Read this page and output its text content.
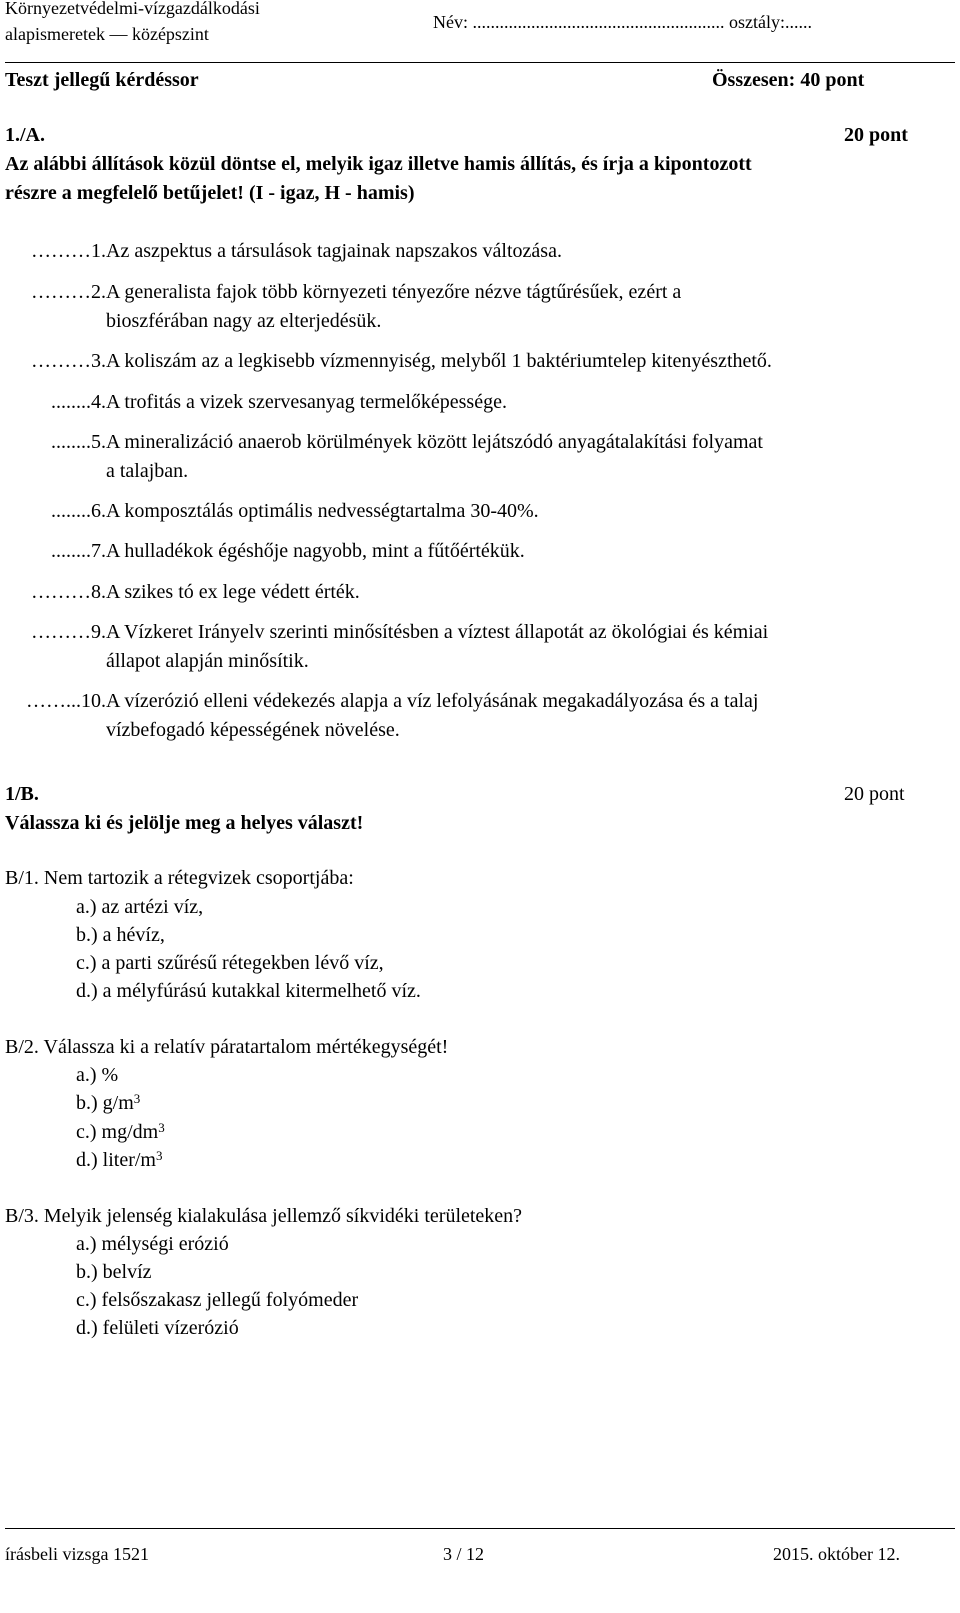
Környezetvédelmi-vízgazdálkodási
alapismeretek — középszint
Név: ........................................................ osztály:......
Teszt jellegű kérdéssor	Összesen: 40 pont
1./A.	20 pont
Az alábbi állítások közül döntse el, melyik igaz illetve hamis állítás, és írja a kipontozott
részre a megfelelő betűjelet! (I - igaz, H - hamis)
………1. Az aszpektus a társulások tagjainak napszakos változása.
………2. A generalista fajok több környezeti tényezőre nézve tágtűrésűek, ezért a
bioszférában nagy az elterjedésük.
………3. A koliszám az a legkisebb vízmennyiség, melyből 1 baktériumtelep kitenyészthető.
........4. A trofitás a vizek szervesanyag termelőképessége.
........5. A mineralizáció anaerob körülmények között lejátszódó anyagátalakítási folyamat
a talajban.
........6. A komposztálás optimális nedvességtartalma 30-40%.
........7. A hulladékok égéshője nagyobb, mint a fűtőértékük.
………8. A szikes tó ex lege védett érték.
………9. A Vízkeret Irányelv szerinti minősítésben a víztest állapotát az ökológiai és kémiai
állapot alapján minősítik.
……...10. A vízerózió elleni védekezés alapja a víz lefolyásának megakadályozása és a talaj
vízbefogadó képességének növelése.
1/B.	20 pont
Válassza ki és jelölje meg a helyes választ!
B/1. Nem tartozik a rétegvizek csoportjába:
a.) az artézi víz,
b.) a hévíz,
c.) a parti szűrésű rétegekben lévő víz,
d.) a mélyfúrású kutakkal kitermelhető víz.
B/2. Válassza ki a relatív páratartalom mértékegységét!
a.) %
b.) $g/m^3$
c.) $mg/dm^3$
d.) liter/$m^3$
B/3. Melyik jelenség kialakulása jellemző síkvidéki területeken?
a.) mélységi erózió
b.) belvíz
c.) felsőszakasz jellegű folyómeder
d.) felületi vízerózió
írásbeli vizsga 1521	3 / 12	2015. október 12.
